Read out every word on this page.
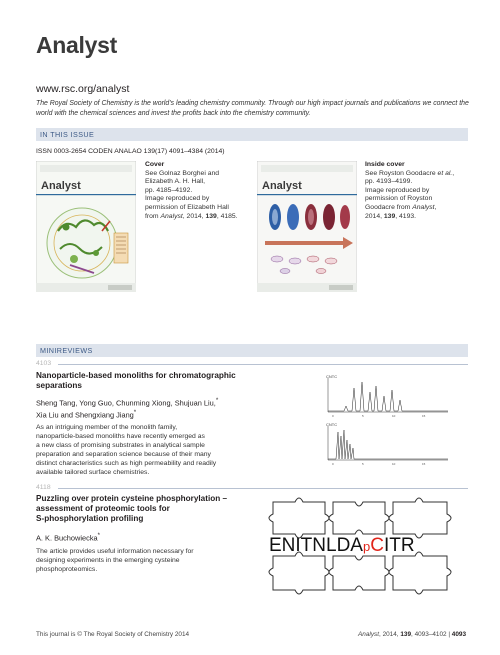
Analyst
www.rsc.org/analyst
The Royal Society of Chemistry is the world's leading chemistry community. Through our high impact journals and publications we connect the world with the chemical sciences and invest the profits back into the chemistry community.
IN THIS ISSUE
ISSN 0003-2654 CODEN ANALAO 139(17) 4091–4384 (2014)
Analyst
Cover
See Golnaz Borghei and
Elizabeth A. H. Hall,
pp. 4185–4192.
Image reproduced by
permission of Elizabeth Hall
from Analyst, 2014, 139, 4185.
Analyst
Inside cover
See Royston Goodacre et al.,
pp. 4193–4199.
Image reproduced by
permission of Royston
Goodacre from Analyst,
2014, 139, 4193.
MINIREVIEWS
4103
Nanoparticle-based monoliths for chromatographic
separations
Sheng Tang, Yong Guo, Chunming Xiong, Shujuan Liu,*
Xia Liu and Shengxiang Jiang*
As an intriguing member of the monolith family,
nanoparticle-based monoliths have recently emerged as
a new class of promising substrates in analytical sample
preparation and separation science because of their many
distinct characteristics such as high permeability and readily
available tailored surface chemistries.
CNTC
0	5	10	15
CNTC
0	5	10	15
4118
Puzzling over protein cysteine phosphorylation –
assessment of proteomic tools for
S-phosphorylation profiling
A. K. Buchowiecka*
The article provides useful information necessary for
designing experiments in the emerging cysteine
phosphoproteomics.
ENITNLDApCITR
This journal is © The Royal Society of Chemistry 2014	Analyst, 2014, 139, 4093–4102 | 4093
